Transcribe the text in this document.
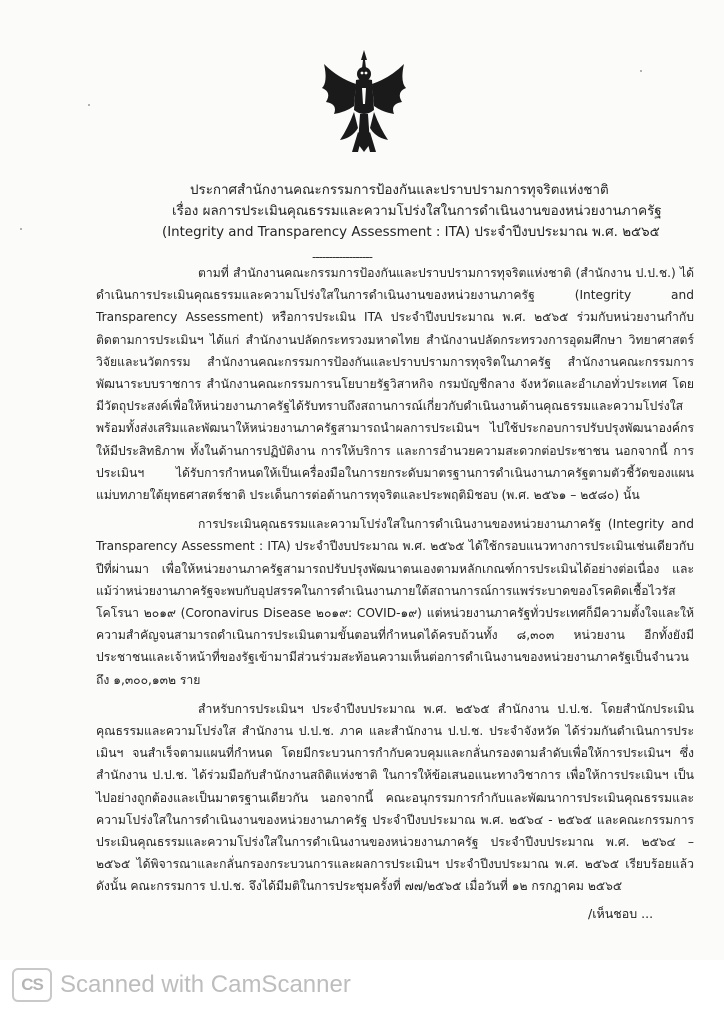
ประกาศสำนักงานคณะกรรมการป้องกันและปราบปรามการทุจริตแห่งชาติ
เรื่อง ผลการประเมินคุณธรรมและความโปร่งใสในการดำเนินงานของหน่วยงานภาครัฐ
(Integrity and Transparency Assessment : ITA) ประจำปีงบประมาณ พ.ศ. ๒๕๖๕
------------------

ตามที่ สำนักงานคณะกรรมการป้องกันและปราบปรามการทุจริตแห่งชาติ (สำนักงาน ป.ป.ช.) ได้ดำเนินการประเมินคุณธรรมและความโปร่งใสในการดำเนินงานของหน่วยงานภาครัฐ (Integrity and Transparency Assessment) หรือการประเมิน ITA ประจำปีงบประมาณ พ.ศ. ๒๕๖๕ ร่วมกับหน่วยงานกำกับติดตามการประเมินฯ ได้แก่ สำนักงานปลัดกระทรวงมหาดไทย สำนักงานปลัดกระทรวงการอุดมศึกษา วิทยาศาสตร์ วิจัยและนวัตกรรม สำนักงานคณะกรรมการป้องกันและปราบปรามการทุจริตในภาครัฐ สำนักงานคณะกรรมการพัฒนาระบบราชการ สำนักงานคณะกรรมการนโยบายรัฐวิสาหกิจ กรมบัญชีกลาง จังหวัดและอำเภอทั่วประเทศ โดยมีวัตถุประสงค์เพื่อให้หน่วยงานภาครัฐได้รับทราบถึงสถานการณ์เกี่ยวกับดำเนินงานด้านคุณธรรมและความโปร่งใส พร้อมทั้งส่งเสริมและพัฒนาให้หน่วยงานภาครัฐสามารถนำผลการประเมินฯ ไปใช้ประกอบการปรับปรุงพัฒนาองค์กรให้มีประสิทธิภาพ ทั้งในด้านการปฏิบัติงาน การให้บริการ และการอำนวยความสะดวกต่อประชาชน นอกจากนี้ การประเมินฯ ได้รับการกำหนดให้เป็นเครื่องมือในการยกระดับมาตรฐานการดำเนินงานภาครัฐตามตัวชี้วัดของแผนแม่บทภายใต้ยุทธศาสตร์ชาติ ประเด็นการต่อต้านการทุจริตและประพฤติมิชอบ (พ.ศ. ๒๕๖๑ – ๒๕๘๐) นั้น

การประเมินคุณธรรมและความโปร่งใสในการดำเนินงานของหน่วยงานภาครัฐ (Integrity and Transparency Assessment : ITA) ประจำปีงบประมาณ พ.ศ. ๒๕๖๕ ได้ใช้กรอบแนวทางการประเมินเช่นเดียวกับปีที่ผ่านมา เพื่อให้หน่วยงานภาครัฐสามารถปรับปรุงพัฒนาตนเองตามหลักเกณฑ์การประเมินได้อย่างต่อเนื่อง และแม้ว่าหน่วยงานภาครัฐจะพบกับอุปสรรคในการดำเนินงานภายใต้สถานการณ์การแพร่ระบาดของโรคติดเชื้อไวรัสโคโรนา ๒๐๑๙ (Coronavirus Disease ๒๐๑๙: COVID-๑๙) แต่หน่วยงานภาครัฐทั่วประเทศก็มีความตั้งใจและให้ความสำคัญจนสามารถดำเนินการประเมินตามขั้นตอนที่กำหนดได้ครบถ้วนทั้ง ๘,๓๐๓ หน่วยงาน อีกทั้งยังมีประชาชนและเจ้าหน้าที่ของรัฐเข้ามามีส่วนร่วมสะท้อนความเห็นต่อการดำเนินงานของหน่วยงานภาครัฐเป็นจำนวนถึง ๑,๓๐๐,๑๓๒ ราย

สำหรับการประเมินฯ ประจำปีงบประมาณ พ.ศ. ๒๕๖๕ สำนักงาน ป.ป.ช. โดยสำนักประเมินคุณธรรมและความโปร่งใส สำนักงาน ป.ป.ช. ภาค และสำนักงาน ป.ป.ช. ประจำจังหวัด ได้ร่วมกันดำเนินการประเมินฯ จนสำเร็จตามแผนที่กำหนด โดยมีกระบวนการกำกับควบคุมและกลั่นกรองตามลำดับเพื่อให้การประเมินฯ ซึ่งสำนักงาน ป.ป.ช. ได้ร่วมมือกับสำนักงานสถิติแห่งชาติ ในการให้ข้อเสนอแนะทางวิชาการ เพื่อให้การประเมินฯ เป็นไปอย่างถูกต้องและเป็นมาตรฐานเดียวกัน นอกจากนี้ คณะอนุกรรมการกำกับและพัฒนาการประเมินคุณธรรมและความโปร่งใสในการดำเนินงานของหน่วยงานภาครัฐ ประจำปีงบประมาณ พ.ศ. ๒๕๖๔ - ๒๕๖๕ และคณะกรรมการประเมินคุณธรรมและความโปร่งใสในการดำเนินงานของหน่วยงานภาครัฐ ประจำปีงบประมาณ พ.ศ. ๒๕๖๔ – ๒๕๖๕ ได้พิจารณาและกลั่นกรองกระบวนการและผลการประเมินฯ ประจำปีงบประมาณ พ.ศ. ๒๕๖๕ เรียบร้อยแล้ว ดังนั้น คณะกรรมการ ป.ป.ช. จึงได้มีมติในการประชุมครั้งที่ ๗๗/๒๕๖๕ เมื่อวันที่ ๑๒ กรกฎาคม ๒๕๖๕

/เห็นชอบ ...
CS Scanned with CamScanner
